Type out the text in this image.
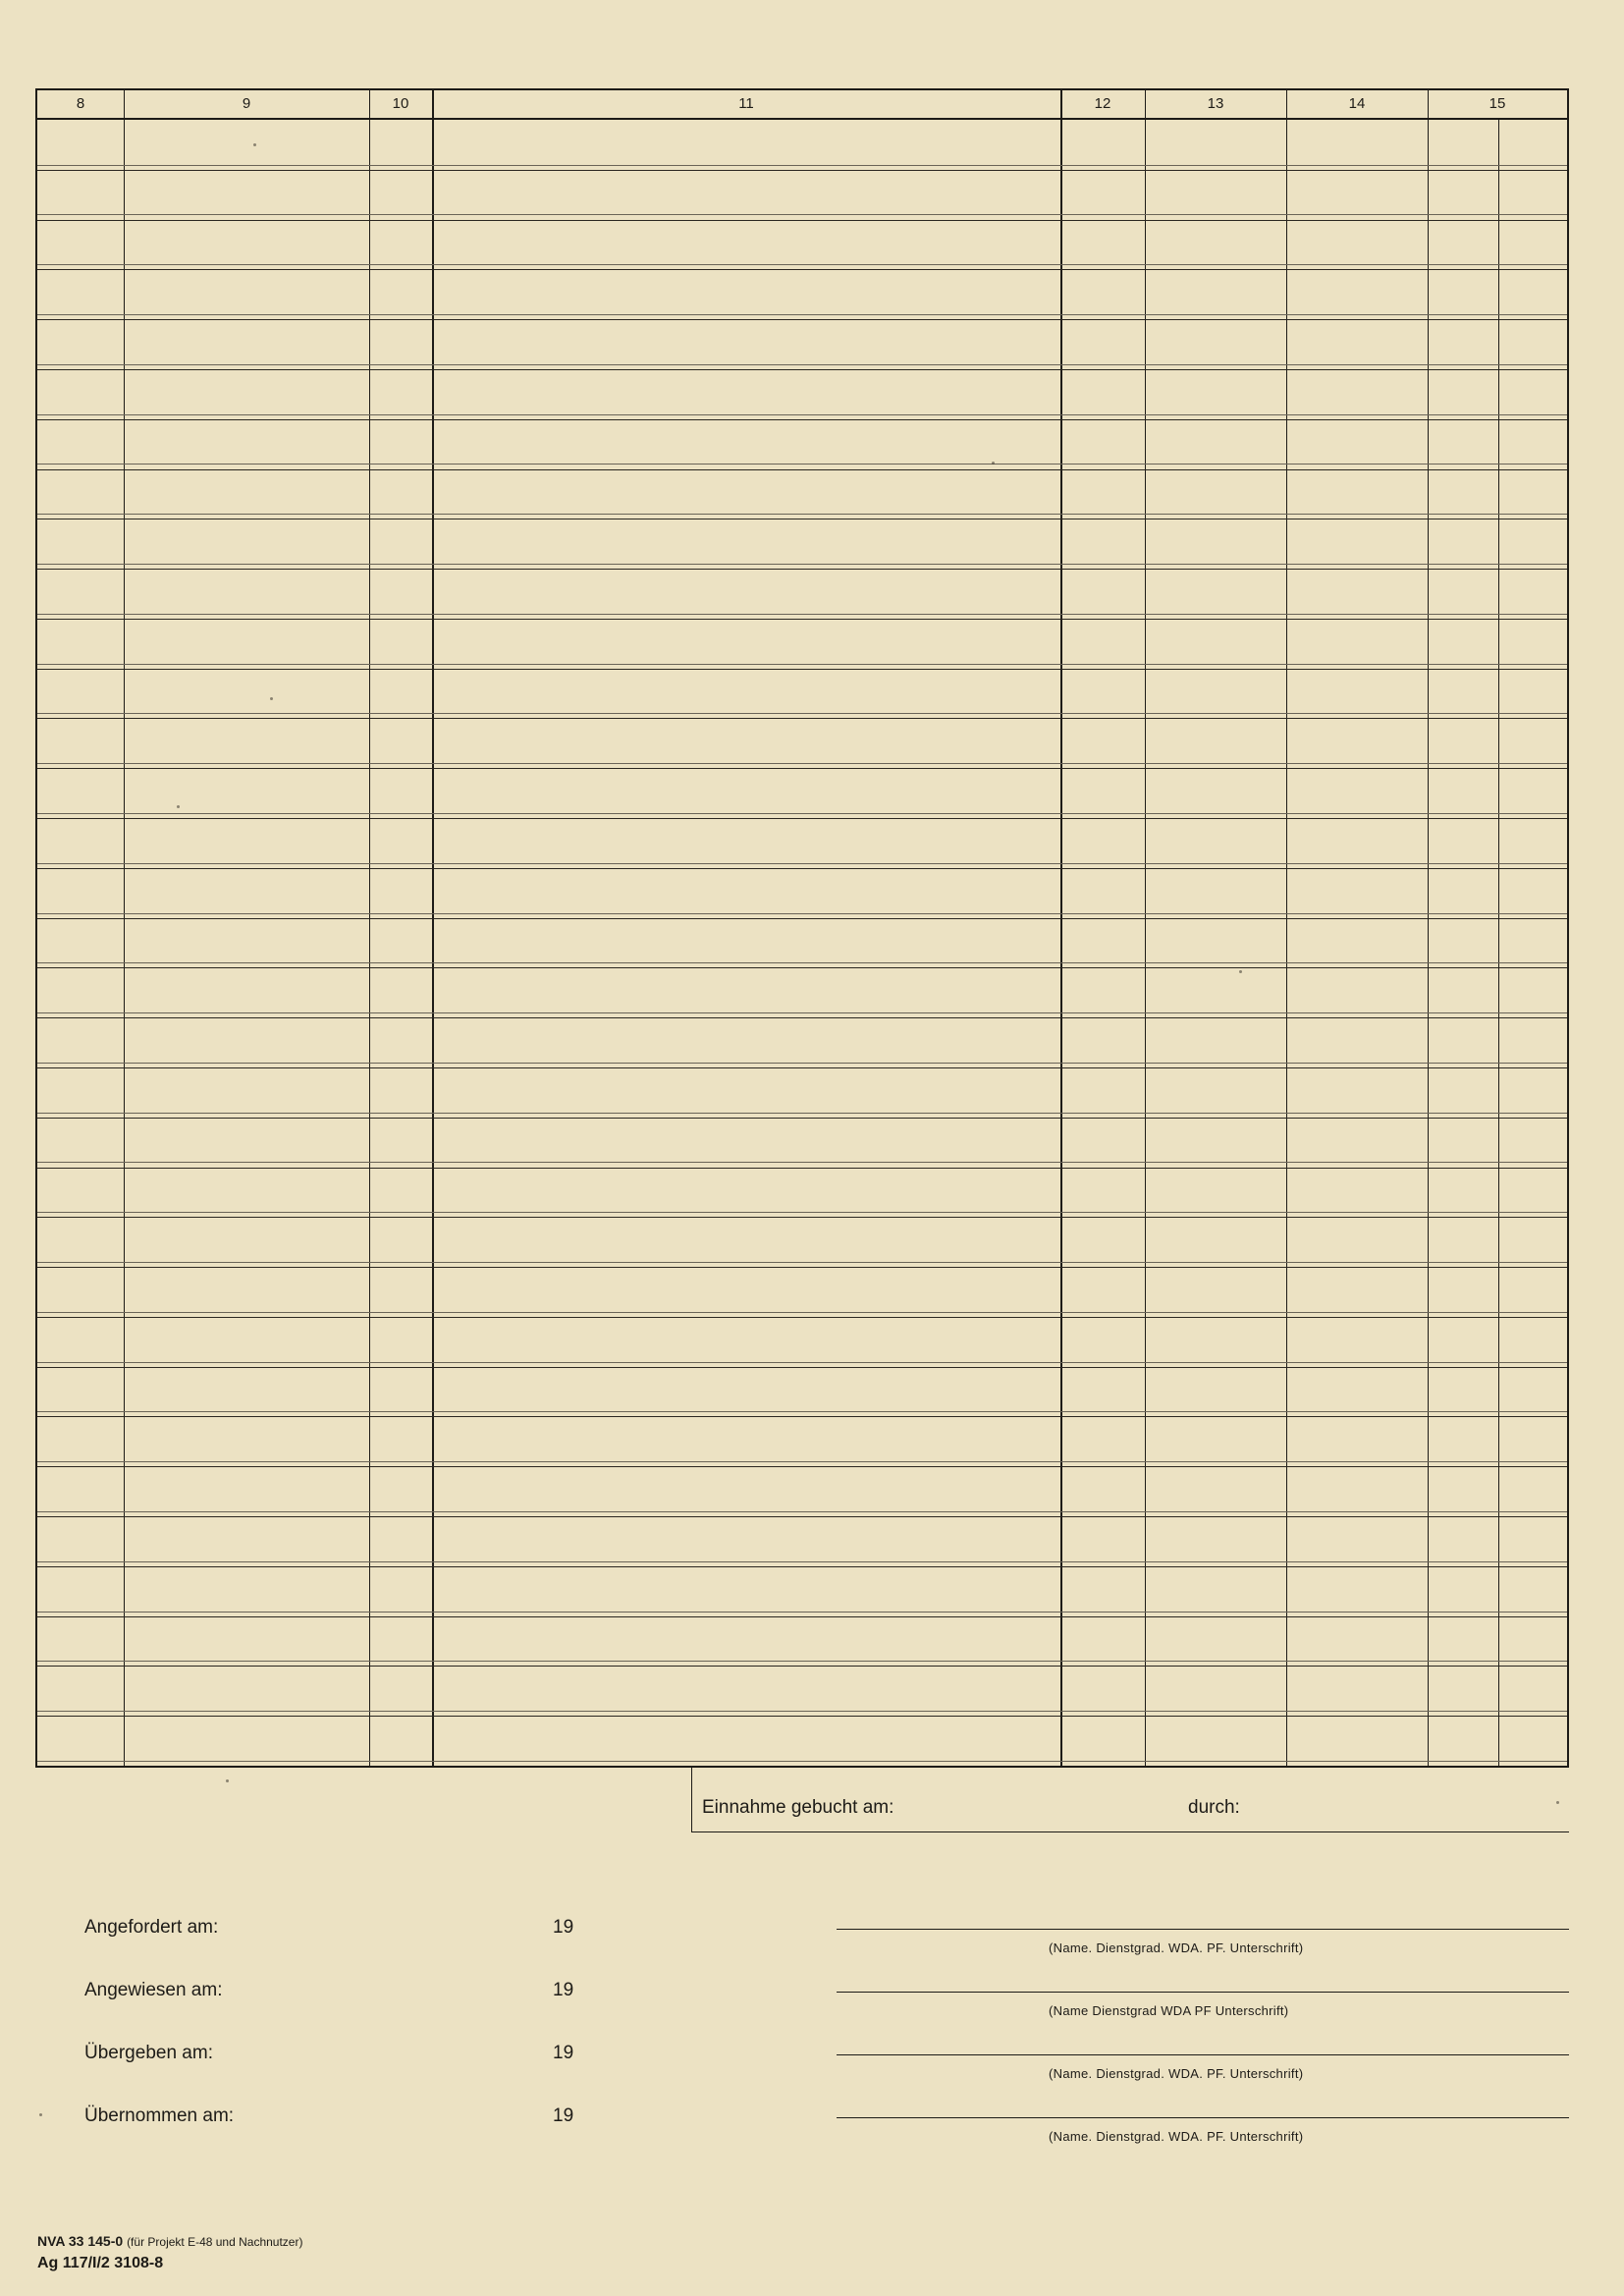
8	9	10	11	12	13	14	15
Einnahme gebucht am:	durch:
Angefordert am:	19
(Name. Dienstgrad. WDA. PF. Unterschrift)
Angewiesen am:	19
(Name Dienstgrad WDA PF Unterschrift)
Übergeben am:	19
(Name. Dienstgrad. WDA. PF. Unterschrift)
Übernommen am:	19
(Name. Dienstgrad. WDA. PF. Unterschrift)
NVA 33 145-0 (für Projekt E-48 und Nachnutzer)
Ag 117/I/2 3108-8
